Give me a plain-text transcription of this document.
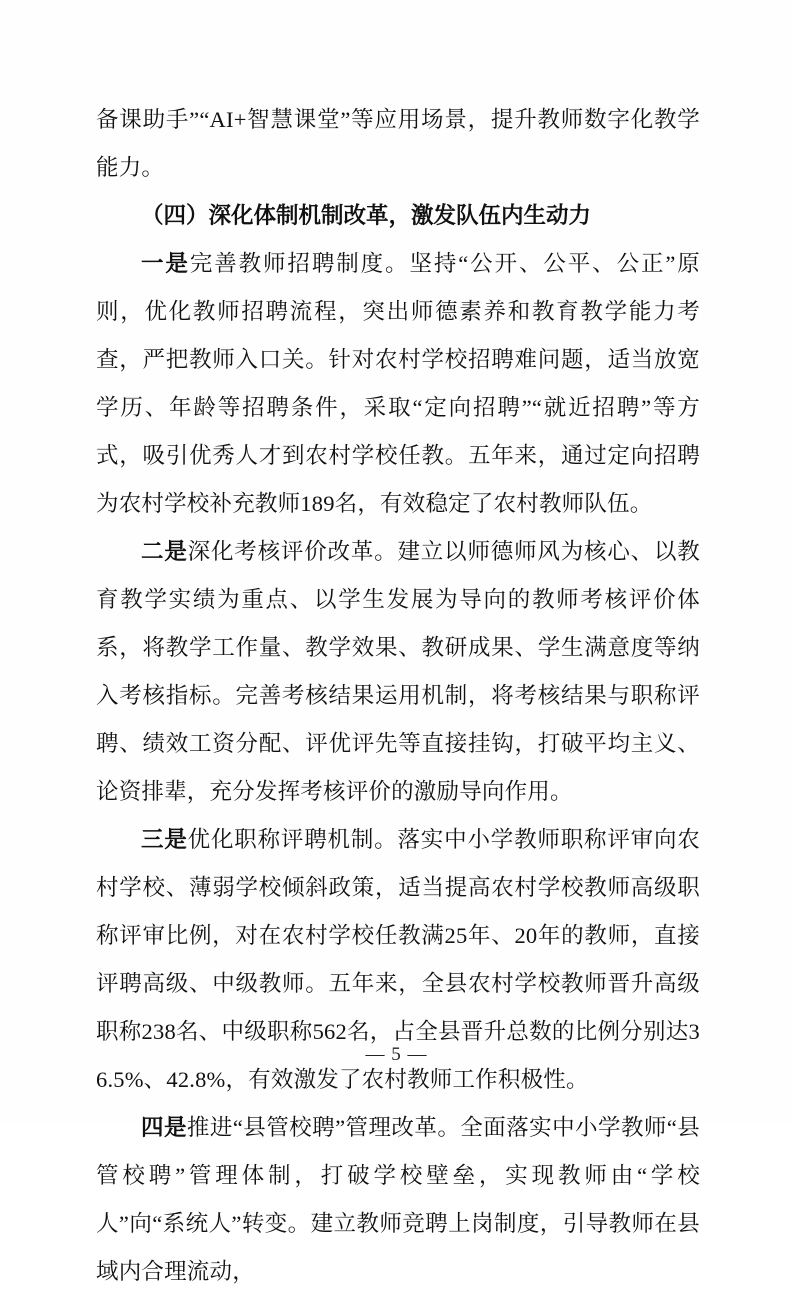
备课助手”“AI+智慧课堂”等应用场景，提升教师数字化教学能力。

（四）深化体制机制改革，激发队伍内生动力

一是完善教师招聘制度。坚持“公开、公平、公正”原则，优化教师招聘流程，突出师德素养和教育教学能力考查，严把教师入口关。针对农村学校招聘难问题，适当放宽学历、年龄等招聘条件，采取“定向招聘”“就近招聘”等方式，吸引优秀人才到农村学校任教。五年来，通过定向招聘为农村学校补充教师189名，有效稳定了农村教师队伍。

二是深化考核评价改革。建立以师德师风为核心、以教育教学实绩为重点、以学生发展为导向的教师考核评价体系，将教学工作量、教学效果、教研成果、学生满意度等纳入考核指标。完善考核结果运用机制，将考核结果与职称评聘、绩效工资分配、评优评先等直接挂钩，打破平均主义、论资排辈，充分发挥考核评价的激励导向作用。

三是优化职称评聘机制。落实中小学教师职称评审向农村学校、薄弱学校倾斜政策，适当提高农村学校教师高级职称评审比例，对在农村学校任教满25年、20年的教师，直接评聘高级、中级教师。五年来，全县农村学校教师晋升高级职称238名、中级职称562名，占全县晋升总数的比例分别达36.5%、42.8%，有效激发了农村教师工作积极性。

四是推进“县管校聘”管理改革。全面落实中小学教师“县管校聘”管理体制，打破学校壁垒，实现教师由“学校人”向“系统人”转变。建立教师竞聘上岗制度，引导教师在县域内合理流动，

— 5 —
